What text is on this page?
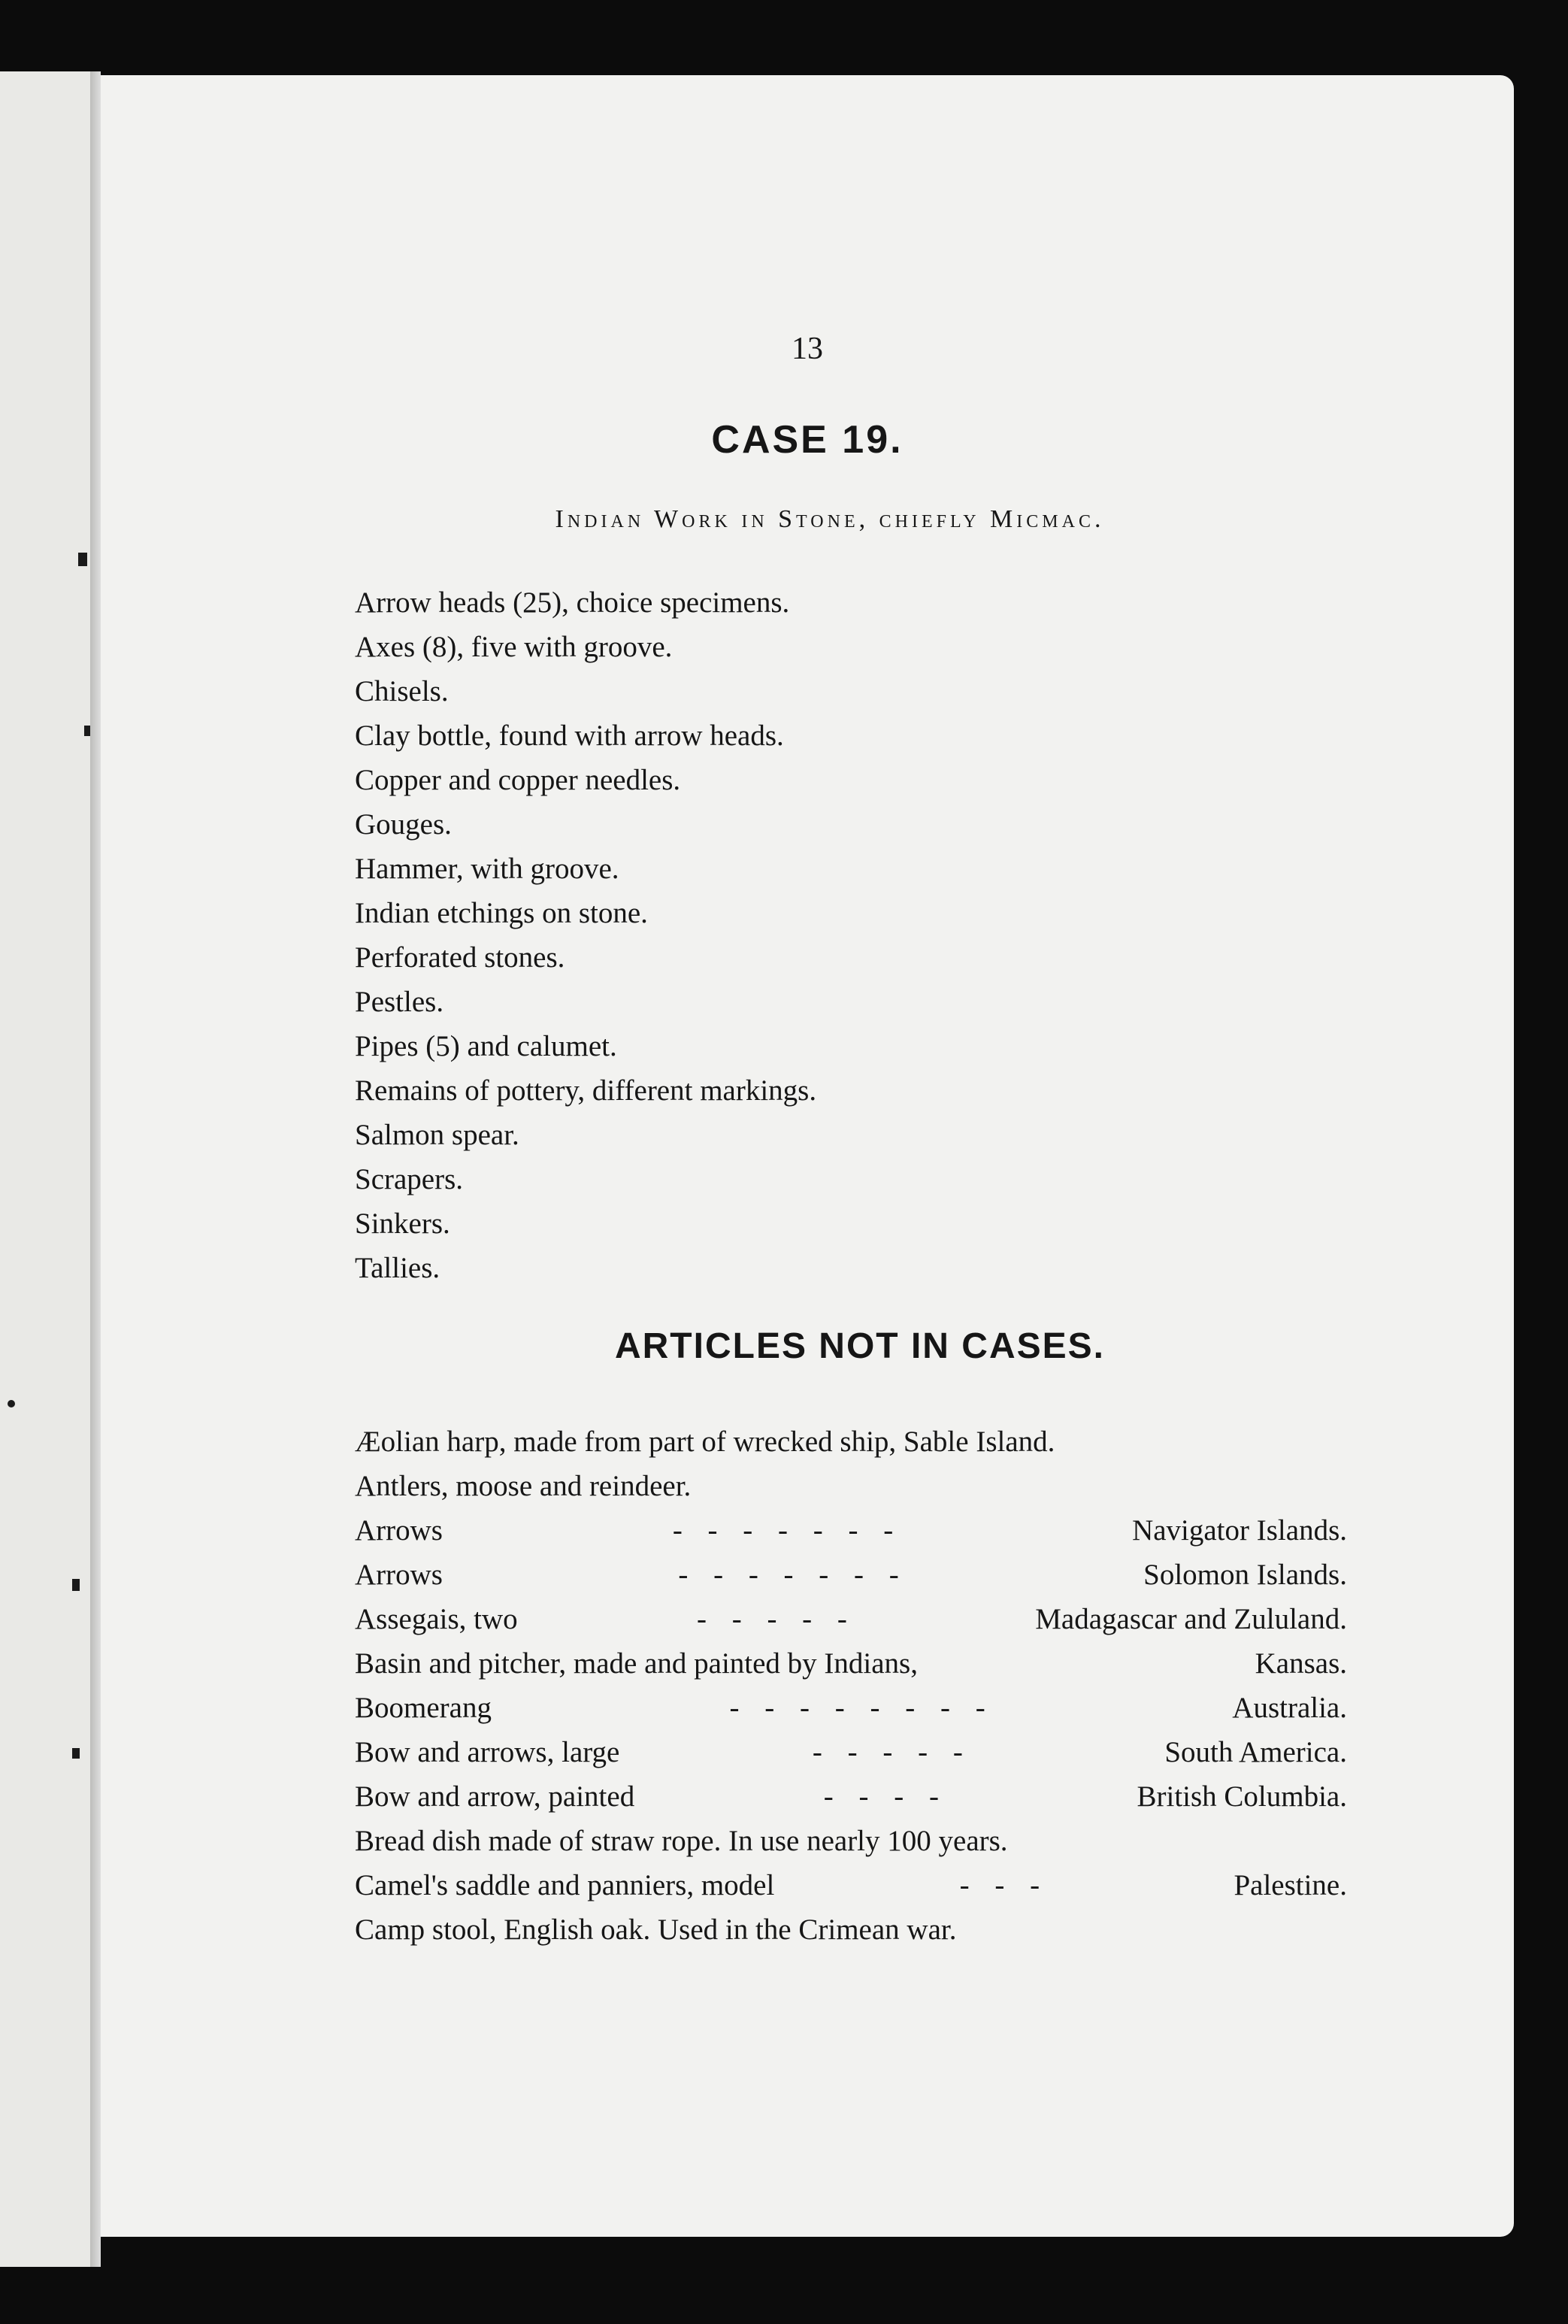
13
CASE 19.
Indian Work in Stone, chiefly Micmac.
Arrow heads (25), choice specimens.
Axes (8), five with groove.
Chisels.
Clay bottle, found with arrow heads.
Copper and copper needles.
Gouges.
Hammer, with groove.
Indian etchings on stone.
Perforated stones.
Pestles.
Pipes (5) and calumet.
Remains of pottery, different markings.
Salmon spear.
Scrapers.
Sinkers.
Tallies.
ARTICLES NOT IN CASES.
Æolian harp, made from part of wrecked ship, Sable Island.
Antlers, moose and reindeer.
Arrows	- - - - - - -	Navigator Islands.
Arrows	- - - - - - -	Solomon Islands.
Assegais, two	- - - - -	Madagascar and Zululand.
Basin and pitcher, made and painted by Indians,	Kansas.
Boomerang	- - - - - - - -	Australia.
Bow and arrows, large	- - - - -	South America.
Bow and arrow, painted	- - - -	British Columbia.
Bread dish made of straw rope. In use nearly 100 years.
Camel's saddle and panniers, model	- - -	Palestine.
Camp stool, English oak. Used in the Crimean war.
